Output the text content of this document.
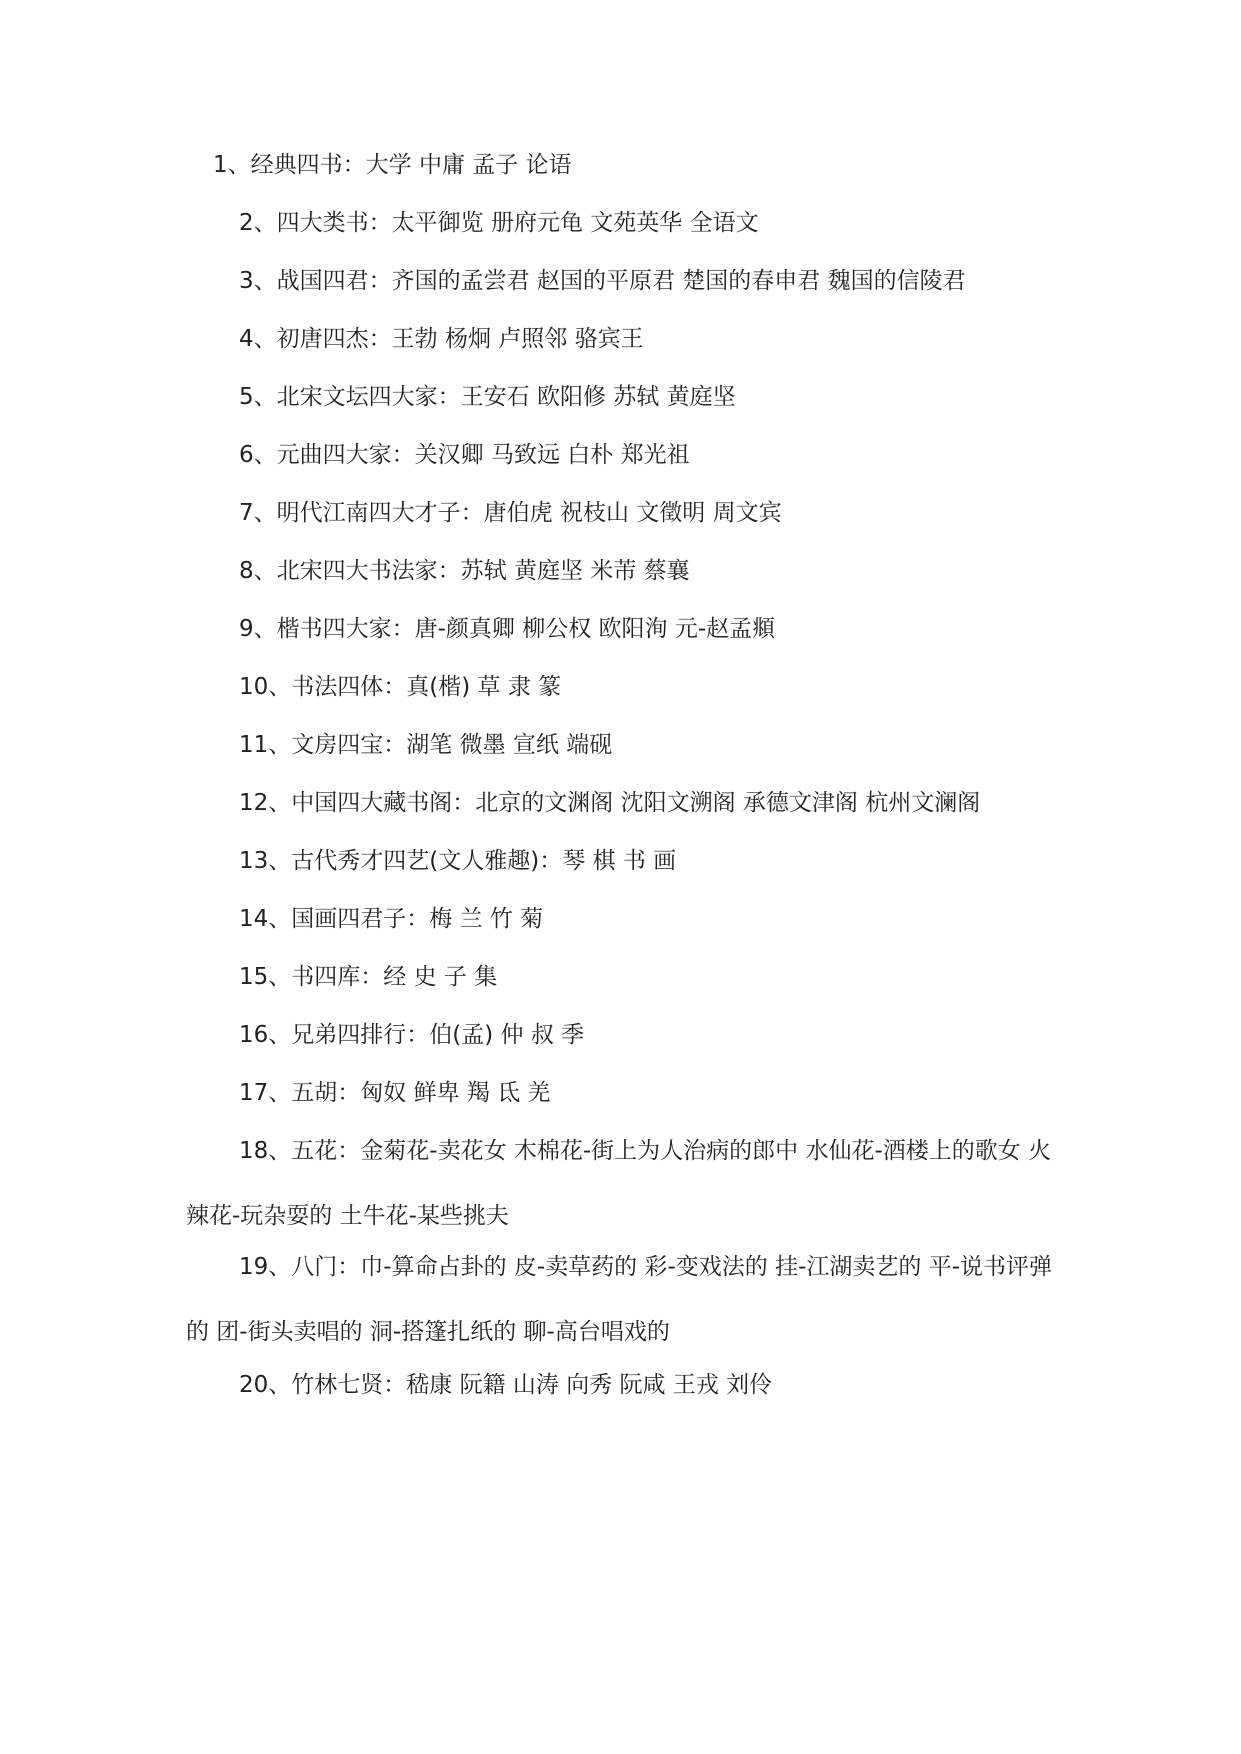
1、经典四书：大学 中庸 孟子 论语

2、四大类书：太平御览 册府元龟 文苑英华 全语文

3、战国四君：齐国的孟尝君 赵国的平原君 楚国的春申君 魏国的信陵君

4、初唐四杰：王勃 杨炯 卢照邻 骆宾王

5、北宋文坛四大家：王安石 欧阳修 苏轼 黄庭坚

6、元曲四大家：关汉卿 马致远 白朴 郑光祖

7、明代江南四大才子：唐伯虎 祝枝山 文徵明 周文宾

8、北宋四大书法家：苏轼 黄庭坚 米芾 蔡襄

9、楷书四大家：唐-颜真卿 柳公权 欧阳洵 元-赵孟頫

10、书法四体：真(楷) 草 隶 篆

11、文房四宝：湖笔 微墨 宣纸 端砚

12、中国四大藏书阁：北京的文渊阁 沈阳文溯阁 承德文津阁 杭州文澜阁

13、古代秀才四艺(文人雅趣)：琴 棋 书 画

14、国画四君子：梅 兰 竹 菊

15、书四库：经 史 子 集

16、兄弟四排行：伯(孟) 仲 叔 季

17、五胡：匈奴 鲜卑 羯 氐 羌

18、五花：金菊花-卖花女 木棉花-街上为人治病的郎中 水仙花-酒楼上的歌女 火辣花-玩杂耍的 土牛花-某些挑夫

19、八门：巾-算命占卦的 皮-卖草药的 彩-变戏法的 挂-江湖卖艺的 平-说书评弹的 团-街头卖唱的 洞-搭篷扎纸的 聊-高台唱戏的

20、竹林七贤：嵇康 阮籍 山涛 向秀 阮咸 王戎 刘伶
